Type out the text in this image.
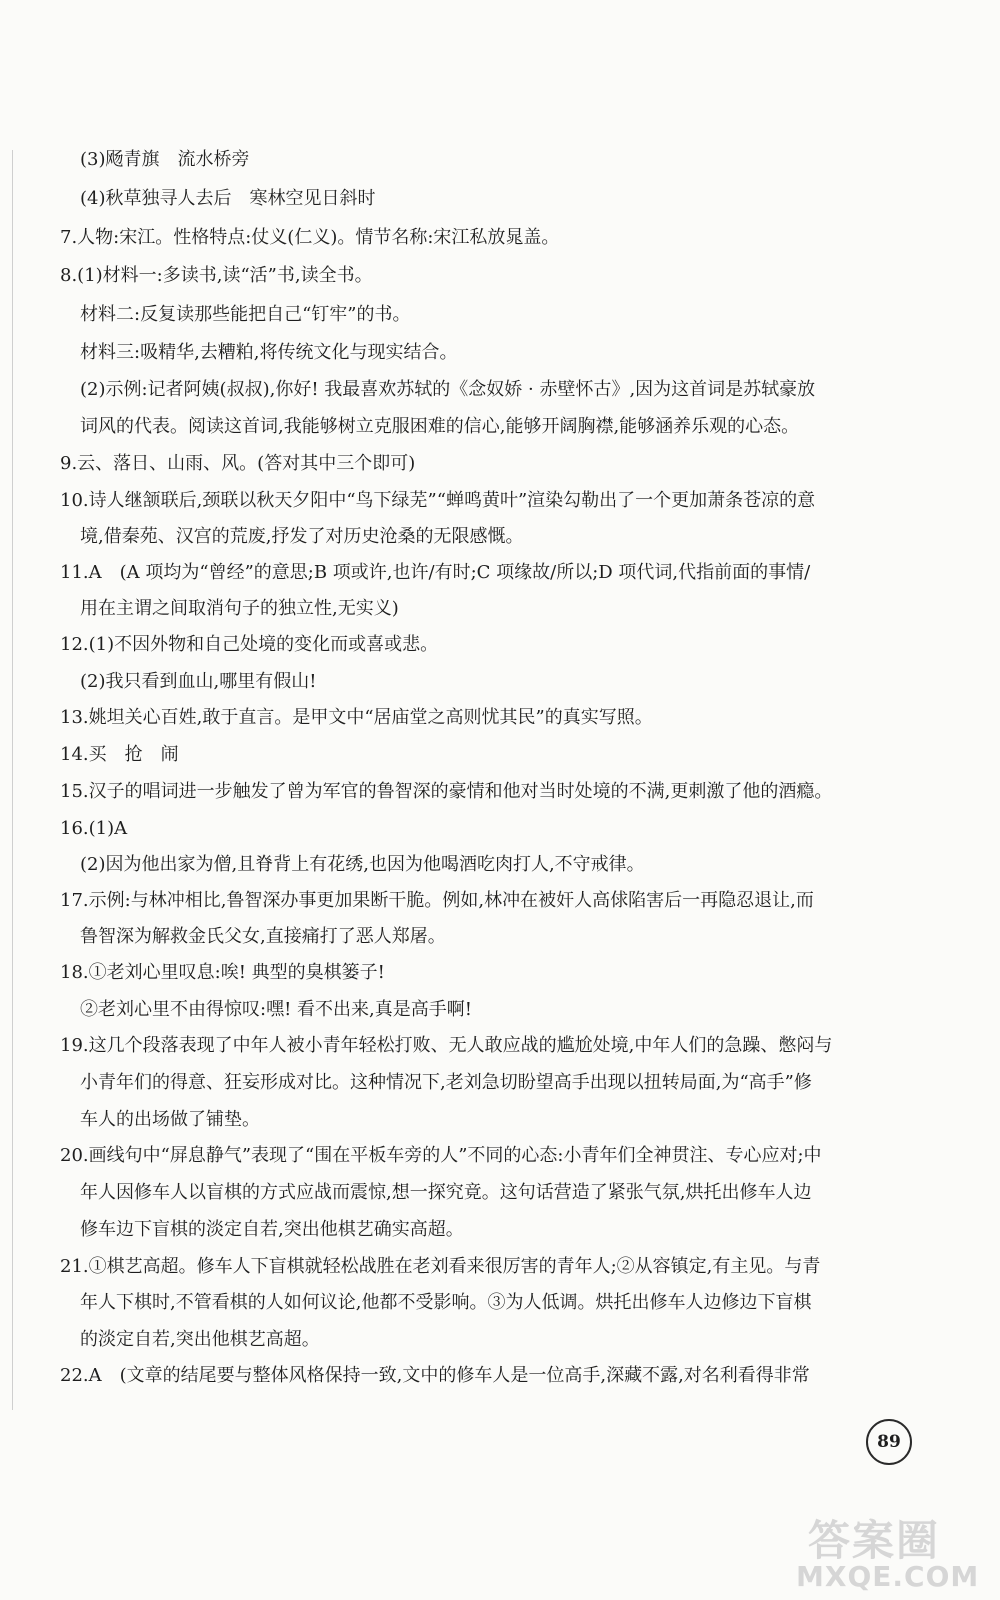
(3)飏青旗　流水桥旁
(4)秋草独寻人去后　寒林空见日斜时
7.人物:宋江。性格特点:仗义(仁义)。情节名称:宋江私放晁盖。
8.(1)材料一:多读书,读“活”书,读全书。
材料二:反复读那些能把自己“钉牢”的书。
材料三:吸精华,去糟粕,将传统文化与现实结合。
(2)示例:记者阿姨(叔叔),你好! 我最喜欢苏轼的《念奴娇 · 赤壁怀古》,因为这首词是苏轼豪放
词风的代表。阅读这首词,我能够树立克服困难的信心,能够开阔胸襟,能够涵养乐观的心态。
9.云、落日、山雨、风。(答对其中三个即可)
10.诗人继颔联后,颈联以秋天夕阳中“鸟下绿芜”“蝉鸣黄叶”渲染勾勒出了一个更加萧条苍凉的意
境,借秦苑、汉宫的荒废,抒发了对历史沧桑的无限感慨。
11.A　(A 项均为“曾经”的意思;B 项或许,也许/有时;C 项缘故/所以;D 项代词,代指前面的事情/
用在主谓之间取消句子的独立性,无实义)
12.(1)不因外物和自己处境的变化而或喜或悲。
(2)我只看到血山,哪里有假山!
13.姚坦关心百姓,敢于直言。是甲文中“居庙堂之高则忧其民”的真实写照。
14.买　抢　闹
15.汉子的唱词进一步触发了曾为军官的鲁智深的豪情和他对当时处境的不满,更刺激了他的酒瘾。
16.(1)A
(2)因为他出家为僧,且脊背上有花绣,也因为他喝酒吃肉打人,不守戒律。
17.示例:与林冲相比,鲁智深办事更加果断干脆。例如,林冲在被奸人高俅陷害后一再隐忍退让,而
鲁智深为解救金氏父女,直接痛打了恶人郑屠。
18.①老刘心里叹息:唉! 典型的臭棋篓子!
②老刘心里不由得惊叹:嘿! 看不出来,真是高手啊!
19.这几个段落表现了中年人被小青年轻松打败、无人敢应战的尴尬处境,中年人们的急躁、憋闷与
小青年们的得意、狂妄形成对比。这种情况下,老刘急切盼望高手出现以扭转局面,为“高手”修
车人的出场做了铺垫。
20.画线句中“屏息静气”表现了“围在平板车旁的人”不同的心态:小青年们全神贯注、专心应对;中
年人因修车人以盲棋的方式应战而震惊,想一探究竟。这句话营造了紧张气氛,烘托出修车人边
修车边下盲棋的淡定自若,突出他棋艺确实高超。
21.①棋艺高超。修车人下盲棋就轻松战胜在老刘看来很厉害的青年人;②从容镇定,有主见。与青
年人下棋时,不管看棋的人如何议论,他都不受影响。③为人低调。烘托出修车人边修边下盲棋
的淡定自若,突出他棋艺高超。
22.A　(文章的结尾要与整体风格保持一致,文中的修车人是一位高手,深藏不露,对名利看得非常
89
答案圈
MXQE.COM
